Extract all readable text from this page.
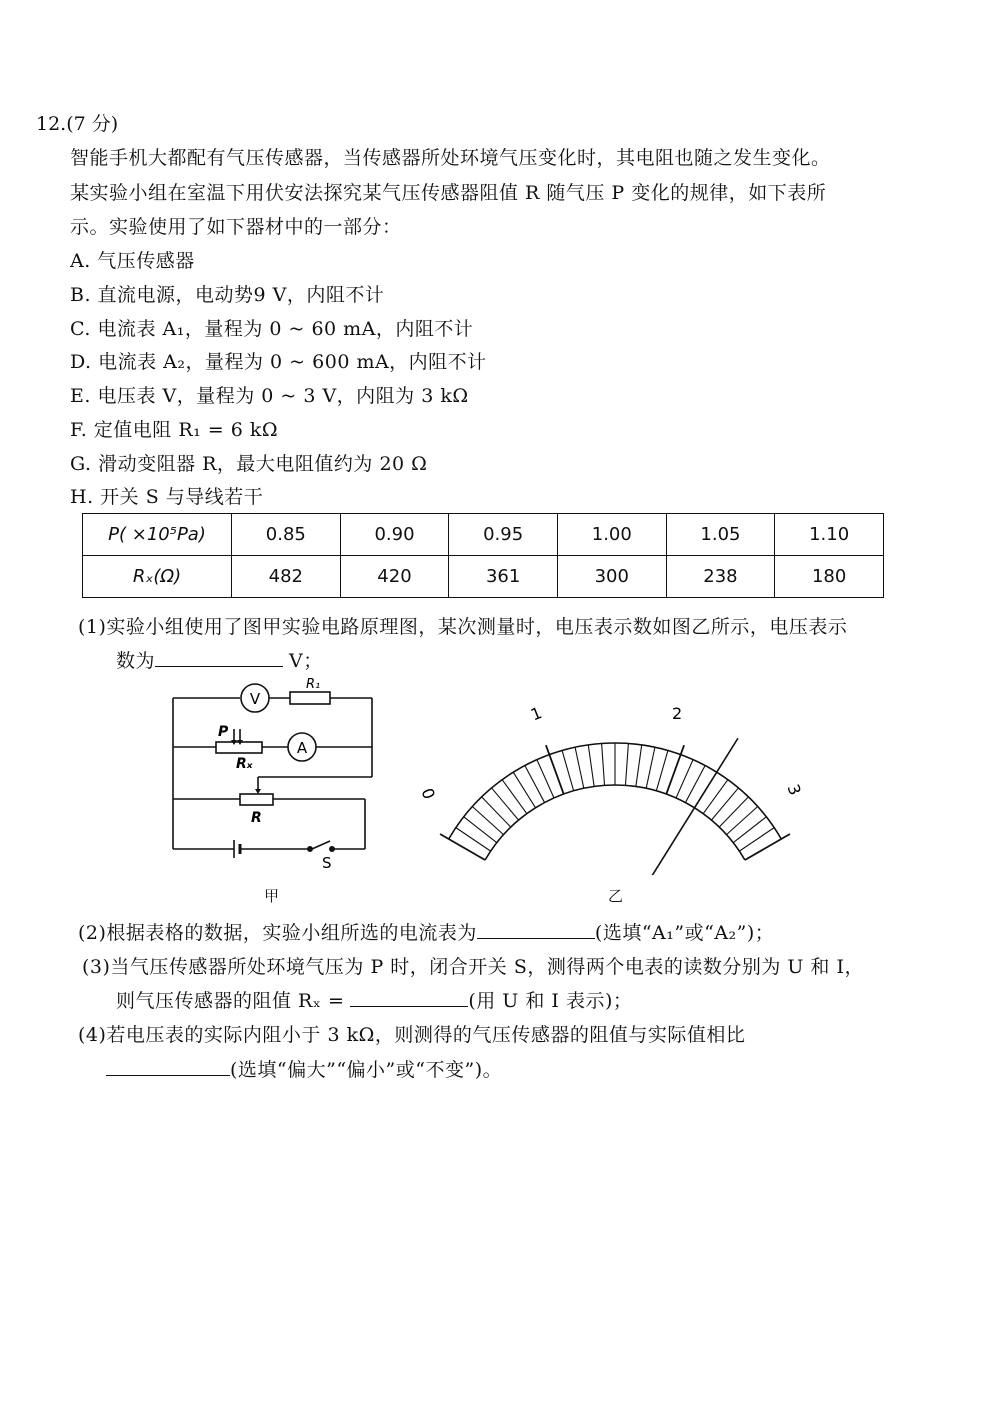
12.(7 分)
智能手机大都配有气压传感器，当传感器所处环境气压变化时，其电阻也随之发生变化。
某实验小组在室温下用伏安法探究某气压传感器阻值 R 随气压 P 变化的规律，如下表所
示。实验使用了如下器材中的一部分：
A. 气压传感器
B. 直流电源，电动势9 V，内阻不计
C. 电流表 A₁，量程为 0 ~ 60 mA，内阻不计
D. 电流表 A₂，量程为 0 ~ 600 mA，内阻不计
E. 电压表 V，量程为 0 ~ 3 V，内阻为 3 kΩ
F. 定值电阻 R₁ = 6 kΩ
G. 滑动变阻器 R，最大电阻值约为 20 Ω
H. 开关 S 与导线若干
P( ×10⁵Pa)	0.85	0.90	0.95	1.00	1.05	1.10
Rₓ(Ω)	482	420	361	300	238	180
(1)实验小组使用了图甲实验电路原理图，某次测量时，电压表示数如图乙所示，电压表示
数为	V；
V
A
R₁
P
Rₓ
R
S
甲
0
1	2
3
乙
(2)根据表格的数据，实验小组所选的电流表为	(选填“A₁”或“A₂”)；
(3)当气压传感器所处环境气压为 P 时，闭合开关 S，测得两个电表的读数分别为 U 和 I，
则气压传感器的阻值 Rₓ =	(用 U 和 I 表示)；
(4)若电压表的实际内阻小于 3 kΩ，则测得的气压传感器的阻值与实际值相比
(选填“偏大”“偏小”或“不变”)。
